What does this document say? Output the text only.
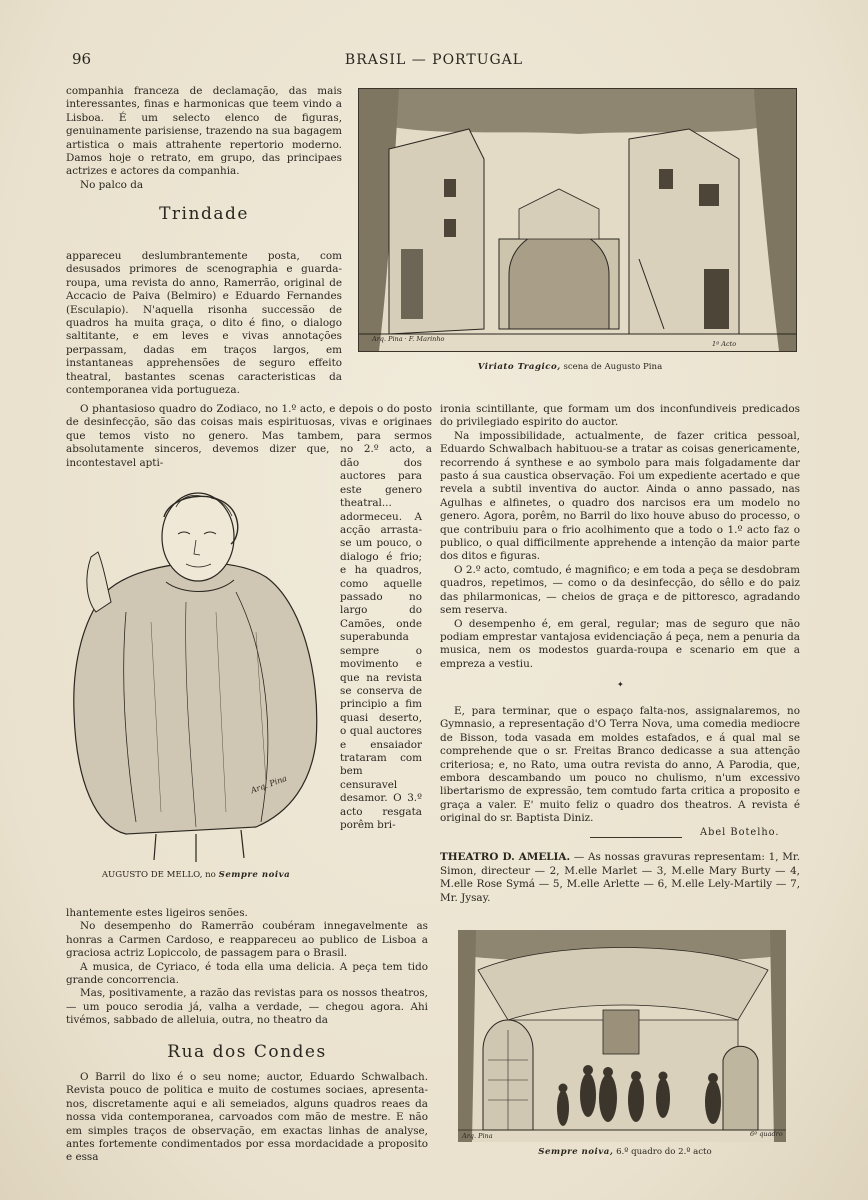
96	BRASIL — PORTUGAL

companhia franceza de declamação, das mais interessantes, finas e harmonicas que teem vindo a Lisboa. É um selecto elenco de figuras, genuinamente parisiense, trazendo na sua bagagem artistica o mais attrahente repertorio moderno. Damos hoje o retrato, em grupo, das principaes actrizes e actores da companhia.

No palco da

Trindade

appareceu deslumbrantemente posta, com desusados primores de scenographia e guarda-roupa, uma revista do anno, Ramerrão, original de Accacio de Paiva (Belmiro) e Eduardo Fernandes (Esculapio). N'aquella risonha successão de quadros ha muita graça, o dito é fino, o dialogo saltitante, e em leves e vivas annotações perpassam, dadas em traços largos, em instantaneas apprehensões de seguro effeito theatral, bastantes scenas caracteristicas da contemporanea vida portugueza.

O phantasioso quadro do Zodiaco, no 1.º acto, e depois o do posto de desinfecção, são das coisas mais espirituosas, vivas e originaes que temos visto no genero. Mas tambem, para sermos absolutamente sinceros, devemos dizer que, no 2.º acto, a incontestavel apti-

Arq. Pina
AUGUSTO DE MELLO, no Sempre noiva

dão dos auctores para este genero theatral... adormeceu. A acção arrasta-se um pouco, o dialogo é frio; e ha quadros, como aquelle passado no largo do Camões, onde superabunda sempre o movimento e que na revista se conserva de principio a fim quasi deserto, o qual auctores e ensaiador trataram com bem censuravel desamor. O 3.º acto resgata porêm bri-

lhantemente estes ligeiros senões.

No desempenho do Ramerrão coubéram innegavelmente as honras a Carmen Cardoso, e reappareceu ao publico de Lisboa a graciosa actriz Lopiccolo, de passagem para o Brasil.

A musica, de Cyriaco, é toda ella uma delicia. A peça tem tido grande concorrencia.

Mas, positivamente, a razão das revistas para os nossos theatros, — um pouco serodia já, valha a verdade, — chegou agora. Ahi tivémos, sabbado de alleluia, outra, no theatro da

Rua dos Condes

O Barril do lixo é o seu nome; auctor, Eduardo Schwalbach. Revista pouco de politica e muito de costumes sociaes, apresenta-nos, discretamente aqui e ali semeiados, alguns quadros reaes da nossa vida contemporanea, carvoados com mão de mestre. E não em simples traços de observação, em exactas linhas de analyse, antes fortemente condimentados por essa mordacidade a proposito e essa

Arq. Pina · F. Marinho
1º Acto
Viriato Tragico, scena de Augusto Pina

ironia scintillante, que formam um dos inconfundiveis predicados do privilegiado espirito do auctor.

Na impossibilidade, actualmente, de fazer critica pessoal, Eduardo Schwalbach habituou-se a tratar as coisas genericamente, recorrendo á synthese e ao symbolo para mais folgadamente dar pasto á sua caustica observação. Foi um expediente acertado e que revela a subtil inventiva do auctor. Ainda o anno passado, nas Agulhas e alfinetes, o quadro dos narcisos era um modelo no genero. Agora, porêm, no Barril do lixo houve abuso do processo, o que contribuiu para o frio acolhimento que a todo o 1.º acto faz o publico, o qual difficilmente apprehende a intenção da maior parte dos ditos e figuras.

O 2.º acto, comtudo, é magnifico; e em toda a peça se desdobram quadros, repetimos, — como o da desinfecção, do sêllo e do paiz das philarmonicas, — cheios de graça e de pittoresco, agradando sem reserva.

O desempenho é, em geral, regular; mas de seguro que não podiam emprestar vantajosa evidenciação á peça, nem a penuria da musica, nem os modestos guarda-roupa e scenario em que a empreza a vestiu.

✦

E, para terminar, que o espaço falta-nos, assignalaremos, no Gymnasio, a representação d'O Terra Nova, uma comedia mediocre de Bisson, toda vasada em moldes estafados, e á qual mal se comprehende que o sr. Freitas Branco dedicasse a sua attenção criteriosa; e, no Rato, uma outra revista do anno, A Parodia, que, embora descambando um pouco no chulismo, n'um excessivo libertarismo de expressão, tem comtudo farta critica a proposito e graça a valer. E' muito feliz o quadro dos theatros. A revista é original do sr. Baptista Diniz.

Abel Botelho.
THEATRO D. AMELIA. — As nossas gravuras representam: 1, Mr. Simon, directeur — 2, M.elle Marlet — 3, M.elle Mary Burty — 4, M.elle Rose Symá — 5, M.elle Arlette — 6, M.elle Lely-Martily — 7, Mr. Jysay.
Arq. Pina	6º quadro
Sempre noiva, 6.º quadro do 2.º acto
